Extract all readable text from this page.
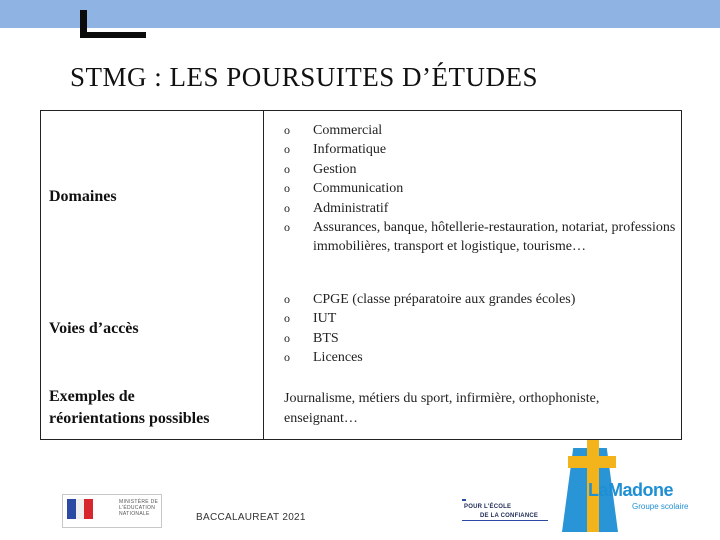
STMG : LES POURSUITES D’ÉTUDES
Domaines
o Commercial
o Informatique
o Gestion
o Communication
o Administratif
o Assurances, banque, hôtellerie-restauration, notariat, professions immobilières, transport et logistique, tourisme…
Voies d’accès
o CPGE (classe préparatoire aux grandes écoles)
o IUT
o BTS
o Licences
Exemples de
réorientations possibles
Journalisme, métiers du sport, infirmière, orthophoniste, enseignant…
MINISTÈRE DE L'ÉDUCATION NATIONALE	BACCALAUREAT 2021
POUR L'ÉCOLE
DE LA CONFIANCE
LaMadone
Groupe scolaire
